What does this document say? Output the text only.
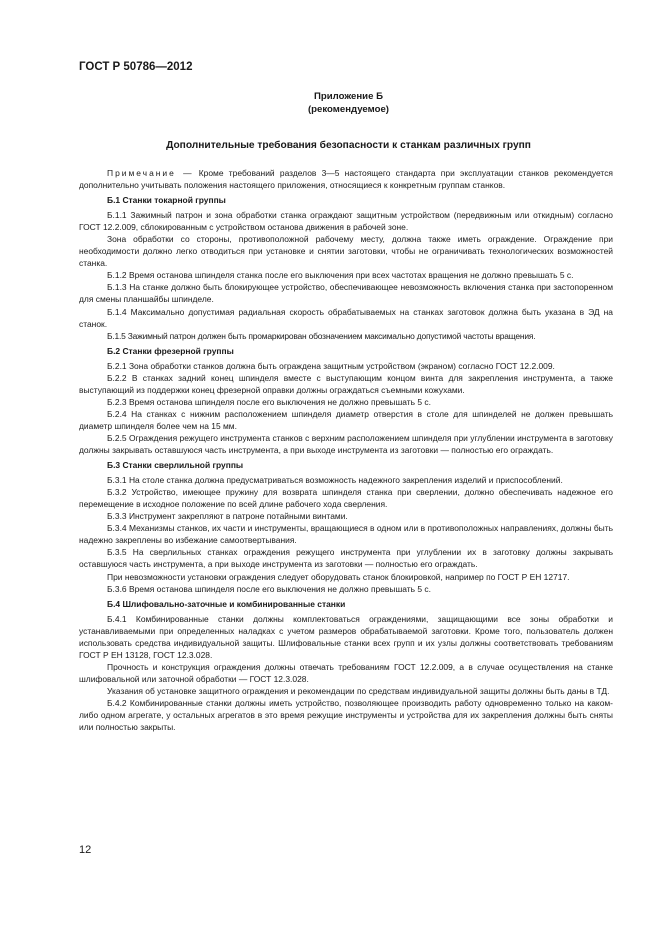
ГОСТ Р 50786—2012
Приложение Б
(рекомендуемое)
Дополнительные требования безопасности к станкам различных групп

Примечание — Кроме требований разделов 3—5 настоящего стандарта при эксплуатации станков рекомендуется дополнительно учитывать положения настоящего приложения, относящиеся к конкретным группам станков.

Б.1 Станки токарной группы

Б.1.1 Зажимный патрон и зона обработки станка ограждают защитным устройством (передвижным или откидным) согласно ГОСТ 12.2.009, сблокированным с устройством останова движения в рабочей зоне.

Зона обработки со стороны, противоположной рабочему месту, должна также иметь ограждение. Ограждение при необходимости должно легко отводиться при установке и снятии заготовки, чтобы не ограничивать технологических возможностей станка.

Б.1.2 Время останова шпинделя станка после его выключения при всех частотах вращения не должно превышать 5 с.

Б.1.3 На станке должно быть блокирующее устройство, обеспечивающее невозможность включения станка при застопоренном для смены планшайбы шпинделе.

Б.1.4 Максимально допустимая радиальная скорость обрабатываемых на станках заготовок должна быть указана в ЭД на станок.

Б.1.5 Зажимный патрон должен быть промаркирован обозначением максимально допустимой частоты вращения.

Б.2 Станки фрезерной группы

Б.2.1 Зона обработки станков должна быть ограждена защитным устройством (экраном) согласно ГОСТ 12.2.009.

Б.2.2 В станках задний конец шпинделя вместе с выступающим концом винта для закрепления инструмента, а также выступающий из поддержки конец фрезерной оправки должны ограждаться съемными кожухами.

Б.2.3 Время останова шпинделя после его выключения не должно превышать 5 с.

Б.2.4 На станках с нижним расположением шпинделя диаметр отверстия в столе для шпинделей не должен превышать диаметр шпинделя более чем на 15 мм.

Б.2.5 Ограждения режущего инструмента станков с верхним расположением шпинделя при углублении инструмента в заготовку должны закрывать оставшуюся часть инструмента, а при выходе инструмента из заготовки — полностью его ограждать.

Б.3 Станки сверлильной группы

Б.3.1 На столе станка должна предусматриваться возможность надежного закрепления изделий и приспособлений.

Б.3.2 Устройство, имеющее пружину для возврата шпинделя станка при сверлении, должно обеспечивать надежное его перемещение в исходное положение по всей длине рабочего хода сверления.

Б.3.3 Инструмент закрепляют в патроне потайными винтами.

Б.3.4 Механизмы станков, их части и инструменты, вращающиеся в одном или в противоположных направлениях, должны быть надежно закреплены во избежание самоотвертывания.

Б.3.5 На сверлильных станках ограждения режущего инструмента при углублении их в заготовку должны закрывать оставшуюся часть инструмента, а при выходе инструмента из заготовки — полностью его ограждать.

При невозможности установки ограждения следует оборудовать станок блокировкой, например по ГОСТ Р ЕН 12717.

Б.3.6 Время останова шпинделя после его выключения не должно превышать 5 с.

Б.4 Шлифовально-заточные и комбинированные станки

Б.4.1 Комбинированные станки должны комплектоваться ограждениями, защищающими все зоны обработки и устанавливаемыми при определенных наладках с учетом размеров обрабатываемой заготовки. Кроме того, пользователь должен использовать средства индивидуальной защиты. Шлифовальные станки всех групп и их узлы должны соответствовать требованиям ГОСТ Р ЕН 13128, ГОСТ 12.3.028.

Прочность и конструкция ограждения должны отвечать требованиям ГОСТ 12.2.009, а в случае осуществления на станке шлифовальной или заточной обработки — ГОСТ 12.3.028.

Указания об установке защитного ограждения и рекомендации по средствам индивидуальной защиты должны быть даны в ТД.

Б.4.2 Комбинированные станки должны иметь устройство, позволяющее производить работу одновременно только на каком-либо одном агрегате, у остальных агрегатов в это время режущие инструменты и устройства для их закрепления должны быть сняты или полностью закрыты.

12
